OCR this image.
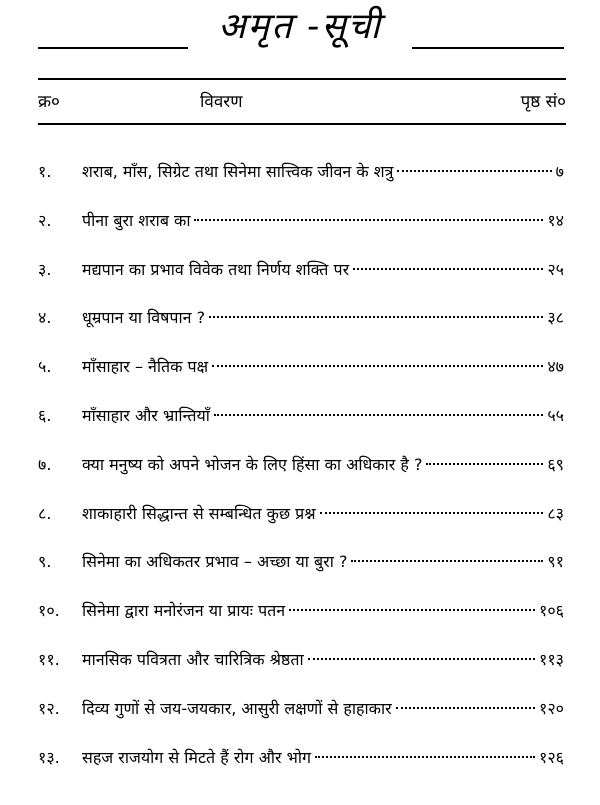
अमृत -सूची
क्र०	विवरण	पृष्ठ सं०
१.	शराब, माँस, सिग्रेट तथा सिनेमा सात्त्विक जीवन के शत्रु	७
२.	पीना बुरा शराब का	१४
३.	मद्यपान का प्रभाव विवेक तथा निर्णय शक्ति पर	२५
४.	धूम्रपान या विषपान ?	३८
५.	माँसाहार – नैतिक पक्ष	४७
६.	माँसाहार और भ्रान्तियाँ	५५
७.	क्या मनुष्य को अपने भोजन के लिए हिंसा का अधिकार है ?	६९
८.	शाकाहारी सिद्धान्त से सम्बन्धित कुछ प्रश्न	८३
९.	सिनेमा का अधिकतर प्रभाव – अच्छा या बुरा ?	९१
१०.	सिनेमा द्वारा मनोरंजन या प्रायः पतन	१०६
११.	मानसिक पवित्रता और चारित्रिक श्रेष्ठता	११३
१२.	दिव्य गुणों से जय-जयकार, आसुरी लक्षणों से हाहाकार	१२०
१३.	सहज राजयोग से मिटते हैं रोग और भोग	१२६
